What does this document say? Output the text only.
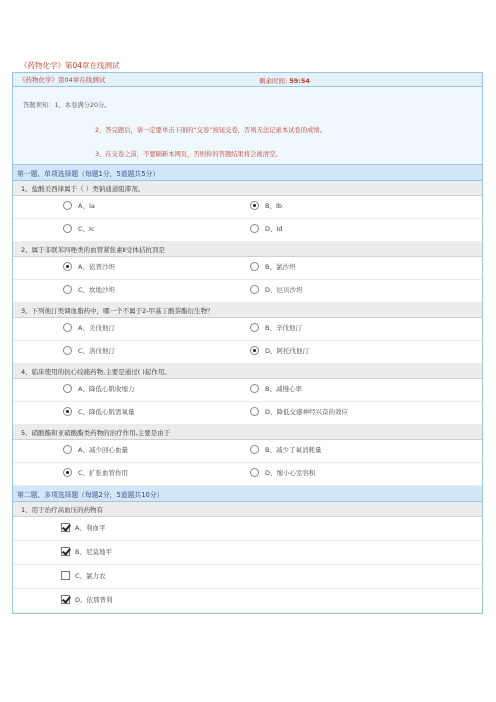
《药物化学》第04章在线测试
《药物化学》第04章在线测试	剩余时间: 59:54
答题须知：1、本卷满分20分。
2、答完题后，请一定要单击下面的“交卷”按钮交卷，否则无法记录本试卷的成绩。
3、在交卷之前，不要刷新本网页，否则你的答题结果将会被清空。
第一题、单项选择题（每题1分，5道题共5分）
1、盐酸美西律属于（ ）类钠通道阻滞剂。
A、Ⅰa	B、Ⅰb
C、Ⅰc	D、Ⅰd
2、属于非联苯四唑类的血管紧张素Ⅱ受体拮抗剂是
A、依普沙坦	B、氯沙坦
C、坎地沙坦	D、厄贝沙坦
3、下列他汀类调血脂药中，哪一个不属于2-甲基丁酸萘酯衍生物？
A、美伐他汀	B、辛伐他汀
C、洛伐他汀	D、阿托伐他汀
4、临床使用的抗心绞痛药物,主要是通过( )起作用。
A、降低心肌收缩力	B、减慢心率
C、降低心肌需氧量	D、降低交感神经兴奋的效应
5、硝酸酯和亚硝酸酯类药物的治疗作用,主要是由于
A、减少回心血量	B、减少了氧消耗量
C、扩张血管作用	D、缩小心室容积
第二题、多项选择题（每题2分，5道题共10分）
1、用于治疗高血压的药物有
A、利血平
B、尼莫地平
C、氯力农
D、依那普利
